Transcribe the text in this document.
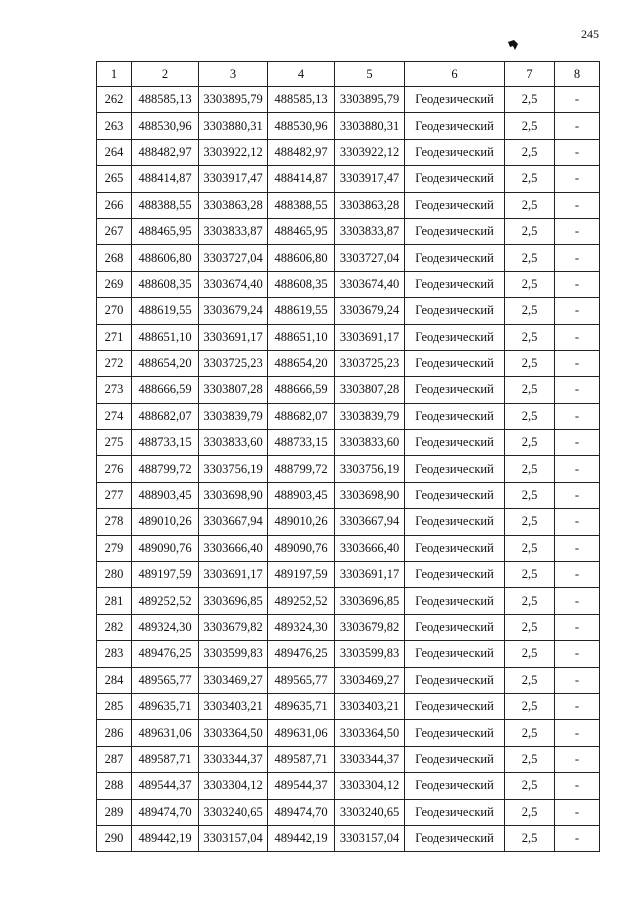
245
1	2	3	4	5	6	7	8
262	488585,13	3303895,79	488585,13	3303895,79	Геодезический	2,5	-
263	488530,96	3303880,31	488530,96	3303880,31	Геодезический	2,5	-
264	488482,97	3303922,12	488482,97	3303922,12	Геодезический	2,5	-
265	488414,87	3303917,47	488414,87	3303917,47	Геодезический	2,5	-
266	488388,55	3303863,28	488388,55	3303863,28	Геодезический	2,5	-
267	488465,95	3303833,87	488465,95	3303833,87	Геодезический	2,5	-
268	488606,80	3303727,04	488606,80	3303727,04	Геодезический	2,5	-
269	488608,35	3303674,40	488608,35	3303674,40	Геодезический	2,5	-
270	488619,55	3303679,24	488619,55	3303679,24	Геодезический	2,5	-
271	488651,10	3303691,17	488651,10	3303691,17	Геодезический	2,5	-
272	488654,20	3303725,23	488654,20	3303725,23	Геодезический	2,5	-
273	488666,59	3303807,28	488666,59	3303807,28	Геодезический	2,5	-
274	488682,07	3303839,79	488682,07	3303839,79	Геодезический	2,5	-
275	488733,15	3303833,60	488733,15	3303833,60	Геодезический	2,5	-
276	488799,72	3303756,19	488799,72	3303756,19	Геодезический	2,5	-
277	488903,45	3303698,90	488903,45	3303698,90	Геодезический	2,5	-
278	489010,26	3303667,94	489010,26	3303667,94	Геодезический	2,5	-
279	489090,76	3303666,40	489090,76	3303666,40	Геодезический	2,5	-
280	489197,59	3303691,17	489197,59	3303691,17	Геодезический	2,5	-
281	489252,52	3303696,85	489252,52	3303696,85	Геодезический	2,5	-
282	489324,30	3303679,82	489324,30	3303679,82	Геодезический	2,5	-
283	489476,25	3303599,83	489476,25	3303599,83	Геодезический	2,5	-
284	489565,77	3303469,27	489565,77	3303469,27	Геодезический	2,5	-
285	489635,71	3303403,21	489635,71	3303403,21	Геодезический	2,5	-
286	489631,06	3303364,50	489631,06	3303364,50	Геодезический	2,5	-
287	489587,71	3303344,37	489587,71	3303344,37	Геодезический	2,5	-
288	489544,37	3303304,12	489544,37	3303304,12	Геодезический	2,5	-
289	489474,70	3303240,65	489474,70	3303240,65	Геодезический	2,5	-
290	489442,19	3303157,04	489442,19	3303157,04	Геодезический	2,5	-
